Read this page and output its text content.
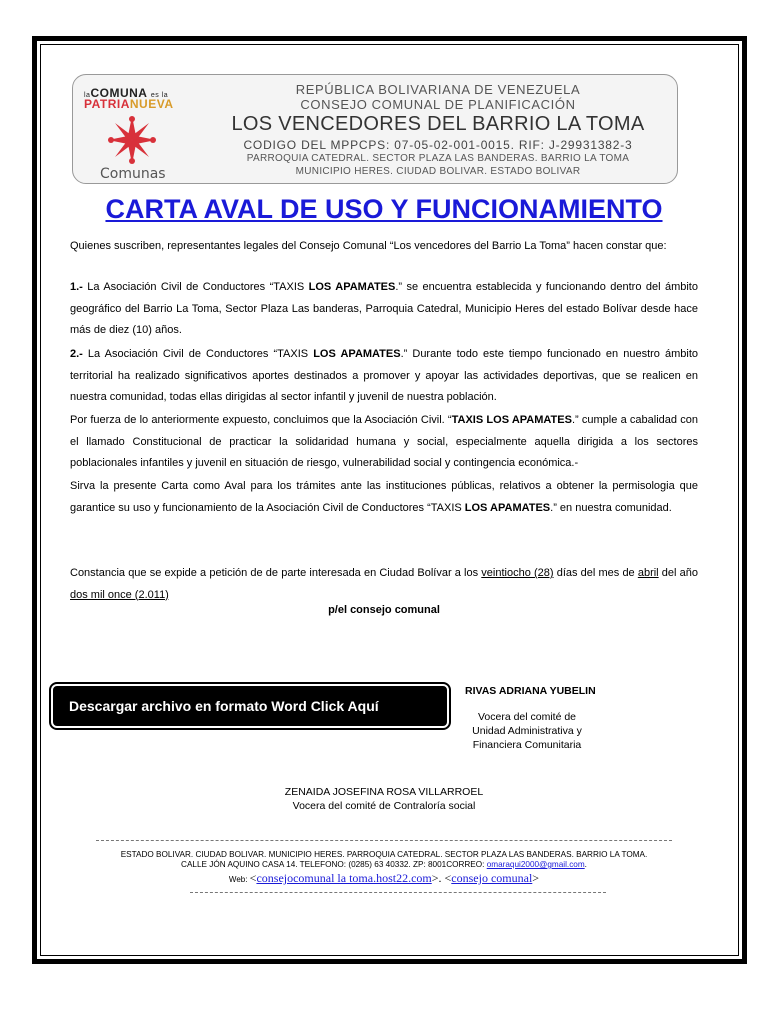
laCOMUNA es la
PATRIANUEVA
Comunas
REPÚBLICA BOLIVARIANA DE VENEZUELA
CONSEJO COMUNAL DE PLANIFICACIÓN
LOS VENCEDORES DEL BARRIO LA TOMA
CODIGO DEL MPPCPS: 07-05-02-001-0015. RIF: J-29931382-3
PARROQUIA CATEDRAL. SECTOR PLAZA LAS BANDERAS. BARRIO LA TOMA
MUNICIPIO HERES. CIUDAD BOLIVAR. ESTADO BOLIVAR
CARTA AVAL DE USO Y FUNCIONAMIENTO

Quienes suscriben, representantes legales del Consejo Comunal “Los vencedores del Barrio La Toma” hacen constar que:

1.- La Asociación Civil de Conductores “TAXIS LOS APAMATES.” se encuentra establecida y funcionando dentro del ámbito geográfico del Barrio La Toma, Sector Plaza Las banderas, Parroquia Catedral, Municipio Heres del estado Bolívar desde hace más de diez (10) años.

2.- La Asociación Civil de Conductores “TAXIS LOS APAMATES.” Durante todo este tiempo funcionado en nuestro ámbito territorial ha realizado significativos aportes destinados a promover y apoyar las actividades deportivas, que se realicen en nuestra comunidad, todas ellas dirigidas al sector infantil y juvenil de nuestra población.

Por fuerza de lo anteriormente expuesto, concluimos que la Asociación Civil. “TAXIS LOS APAMATES.” cumple a cabalidad con el llamado Constitucional de practicar la solidaridad humana y social, especialmente aquella dirigida a los sectores poblacionales infantiles y juvenil en situación de riesgo, vulnerabilidad social y contingencia económica.-

Sirva la presente Carta como Aval para los trámites ante las instituciones públicas, relativos a obtener la permisologia que garantice su uso y funcionamiento de la Asociación Civil de Conductores “TAXIS LOS APAMATES.” en nuestra comunidad.

Constancia que se expide a petición de de parte interesada en Ciudad Bolívar a los veintiocho (28) días del mes de abril del año dos mil once (2.011)

p/el consejo comunal
RIVAS ADRIANA YUBELIN
Vocera del comité de Unidad Administrativa y Financiera Comunitaria
Descargar archivo en formato Word Click Aquí
ZENAIDA JOSEFINA ROSA VILLARROEL
Vocera del comité de Contraloría social
ESTADO BOLIVAR. CIUDAD BOLIVAR. MUNICIPIO HERES. PARROQUIA CATEDRAL. SECTOR PLAZA LAS BANDERAS. BARRIO LA TOMA.
CALLE JÓN AQUINO CASA 14. TELEFONO: (0285) 63 40332. ZP: 8001CORREO: omaraqui2000@gmail.com.
Web: <consejocomunal la toma.host22.com>. <consejo comunal>
